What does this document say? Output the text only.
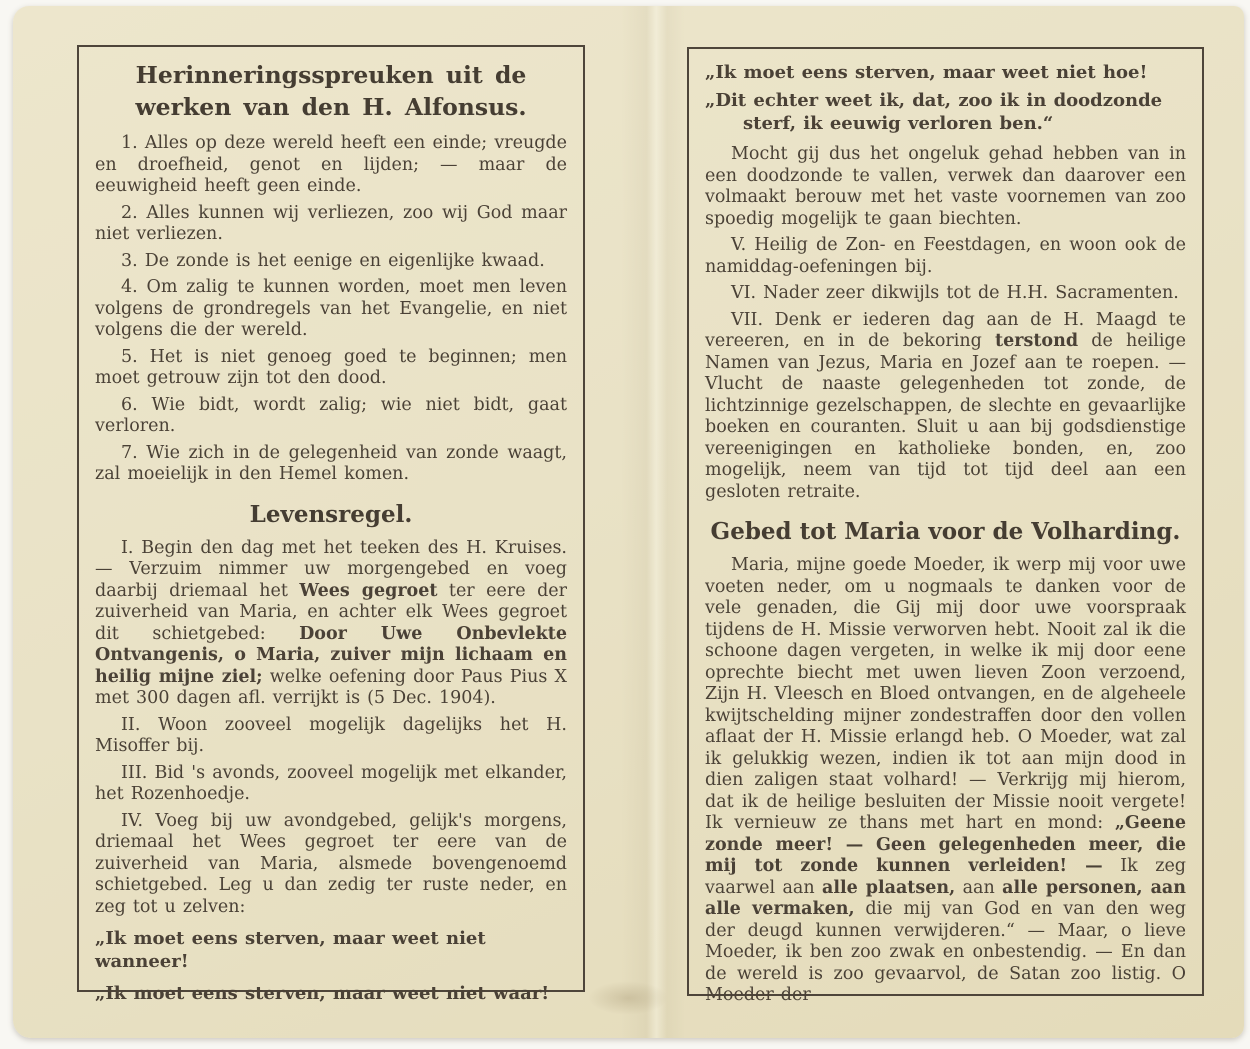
Herinneringsspreuken uit de werken van den H. Alfonsus.

1. Alles op deze wereld heeft een einde; vreugde en droefheid, genot en lijden; — maar de eeuwigheid heeft geen einde.

2. Alles kunnen wij verliezen, zoo wij God maar niet verliezen.

3. De zonde is het eenige en eigenlijke kwaad.

4. Om zalig te kunnen worden, moet men leven volgens de grondregels van het Evangelie, en niet volgens die der wereld.

5. Het is niet genoeg goed te beginnen; men moet getrouw zijn tot den dood.

6. Wie bidt, wordt zalig; wie niet bidt, gaat verloren.

7. Wie zich in de gelegenheid van zonde waagt, zal moeielijk in den Hemel komen.

Levensregel.

I. Begin den dag met het teeken des H. Kruises. — Verzuim nimmer uw morgengebed en voeg daarbij driemaal het Wees gegroet ter eere der zuiverheid van Maria, en achter elk Wees gegroet dit schietgebed: Door Uwe Onbevlekte Ontvangenis, o Maria, zuiver mijn lichaam en heilig mijne ziel; welke oefening door Paus Pius X met 300 dagen afl. verrijkt is (5 Dec. 1904).

II. Woon zooveel mogelijk dagelijks het H. Misoffer bij.

III. Bid 's avonds, zooveel mogelijk met elkander, het Rozenhoedje.

IV. Voeg bij uw avondgebed, gelijk's morgens, driemaal het Wees gegroet ter eere van de zuiverheid van Maria, alsmede bovengenoemd schietgebed. Leg u dan zedig ter ruste neder, en zeg tot u zelven:

„Ik moet eens sterven, maar weet niet wanneer!

„Ik moet eens sterven, maar weet niet waar!

„Ik moet eens sterven, maar weet niet hoe!

„Dit echter weet ik, dat, zoo ik in doodzonde sterf, ik eeuwig verloren ben.“

Mocht gij dus het ongeluk gehad hebben van in een doodzonde te vallen, verwek dan daarover een volmaakt berouw met het vaste voornemen van zoo spoedig mogelijk te gaan biechten.

V. Heilig de Zon- en Feestdagen, en woon ook de namiddag-oefeningen bij.

VI. Nader zeer dikwijls tot de H.H. Sacramenten.

VII. Denk er iederen dag aan de H. Maagd te vereeren, en in de bekoring terstond de heilige Namen van Jezus, Maria en Jozef aan te roepen. — Vlucht de naaste gelegenheden tot zonde, de lichtzinnige gezelschappen, de slechte en gevaarlijke boeken en couranten. Sluit u aan bij godsdienstige vereenigingen en katholieke bonden, en, zoo mogelijk, neem van tijd tot tijd deel aan een gesloten retraite.

Gebed tot Maria voor de Volharding.

Maria, mijne goede Moeder, ik werp mij voor uwe voeten neder, om u nogmaals te danken voor de vele genaden, die Gij mij door uwe voorspraak tijdens de H. Missie verworven hebt. Nooit zal ik die schoone dagen vergeten, in welke ik mij door eene oprechte biecht met uwen lieven Zoon verzoend, Zijn H. Vleesch en Bloed ontvangen, en de algeheele kwijtschelding mijner zondestraffen door den vollen aflaat der H. Missie erlangd heb. O Moeder, wat zal ik gelukkig wezen, indien ik tot aan mijn dood in dien zaligen staat volhard! — Verkrijg mij hierom, dat ik de heilige besluiten der Missie nooit vergete! Ik vernieuw ze thans met hart en mond: „Geene zonde meer! — Geen gelegenheden meer, die mij tot zonde kunnen verleiden! — Ik zeg vaarwel aan alle plaatsen, aan alle personen, aan alle vermaken, die mij van God en van den weg der deugd kunnen verwijderen.“ — Maar, o lieve Moeder, ik ben zoo zwak en onbestendig. — En dan de wereld is zoo gevaarvol, de Satan zoo listig. O Moeder der
